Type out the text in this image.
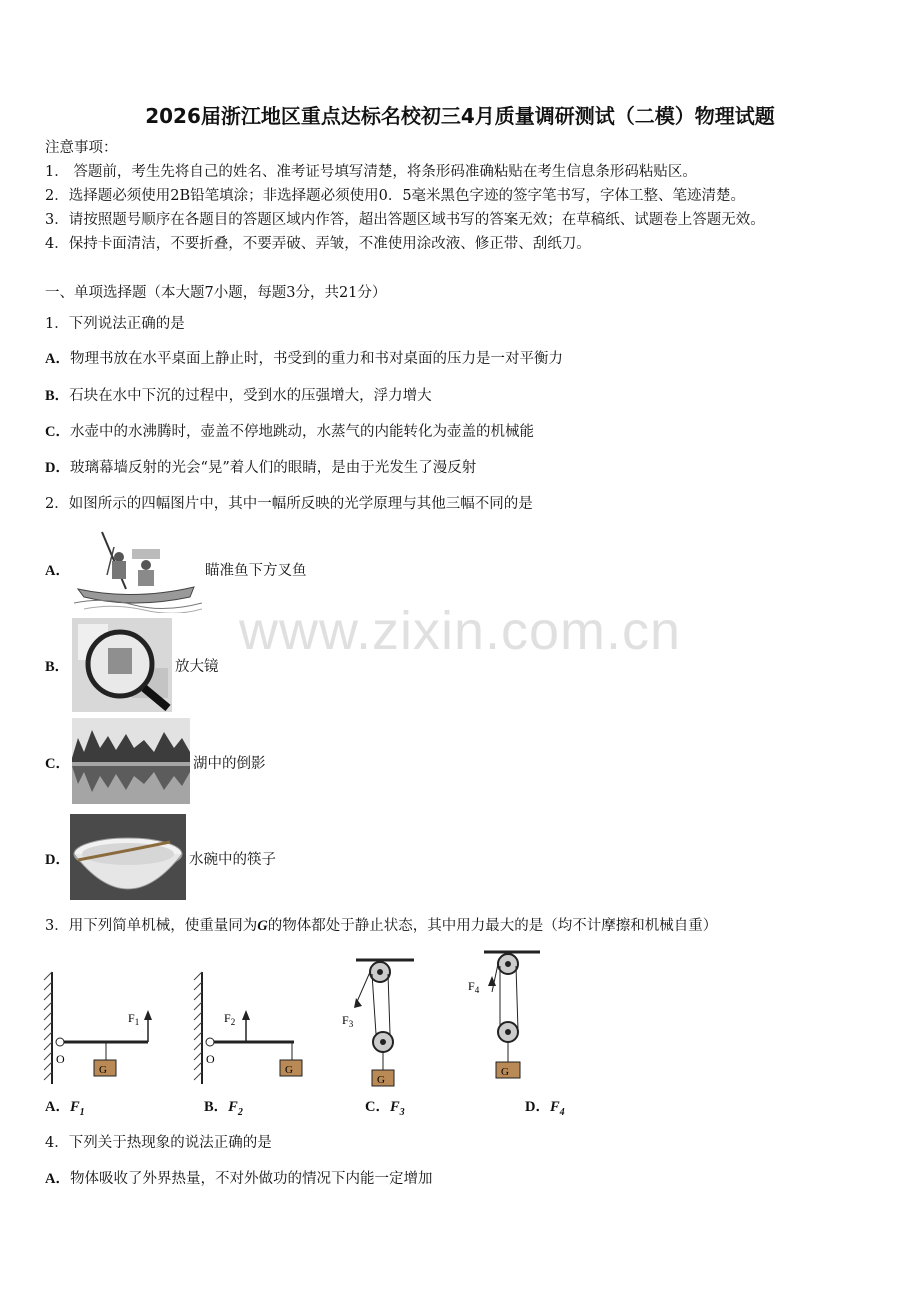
2026届浙江地区重点达标名校初三4月质量调研测试（二模）物理试题
注意事项：
1． 答题前，考生先将自己的姓名、准考证号填写清楚，将条形码准确粘贴在考生信息条形码粘贴区。
2．选择题必须使用2B铅笔填涂；非选择题必须使用0．5毫米黑色字迹的签字笔书写，字体工整、笔迹清楚。
3．请按照题号顺序在各题目的答题区域内作答，超出答题区域书写的答案无效；在草稿纸、试题卷上答题无效。
4．保持卡面清洁，不要折叠，不要弄破、弄皱，不准使用涂改液、修正带、刮纸刀。
一、单项选择题（本大题7小题，每题3分，共21分）
1．下列说法正确的是
A．物理书放在水平桌面上静止时，书受到的重力和书对桌面的压力是一对平衡力
B．石块在水中下沉的过程中，受到水的压强增大，浮力增大
C．水壶中的水沸腾时，壶盖不停地跳动，水蒸气的内能转化为壶盖的机械能
D．玻璃幕墙反射的光会“晃”着人们的眼睛，是由于光发生了漫反射
2．如图所示的四幅图片中，其中一幅所反映的光学原理与其他三幅不同的是
A．	瞄准鱼下方叉鱼
B．	放大镜
C．	湖中的倒影
D．	水碗中的筷子
3．用下列简单机械，使重量同为G的物体都处于静止状态，其中用力最大的是（均不计摩擦和机械自重）
O
$F_1$
G
O
$F_2$
G
$F_3$
G
$F_4$
G
A．$F_1$	B．$F_2$	C．$F_3$	D．$F_4$
4．下列关于热现象的说法正确的是
A．物体吸收了外界热量，不对外做功的情况下内能一定增加
www.zixin.com.cn
